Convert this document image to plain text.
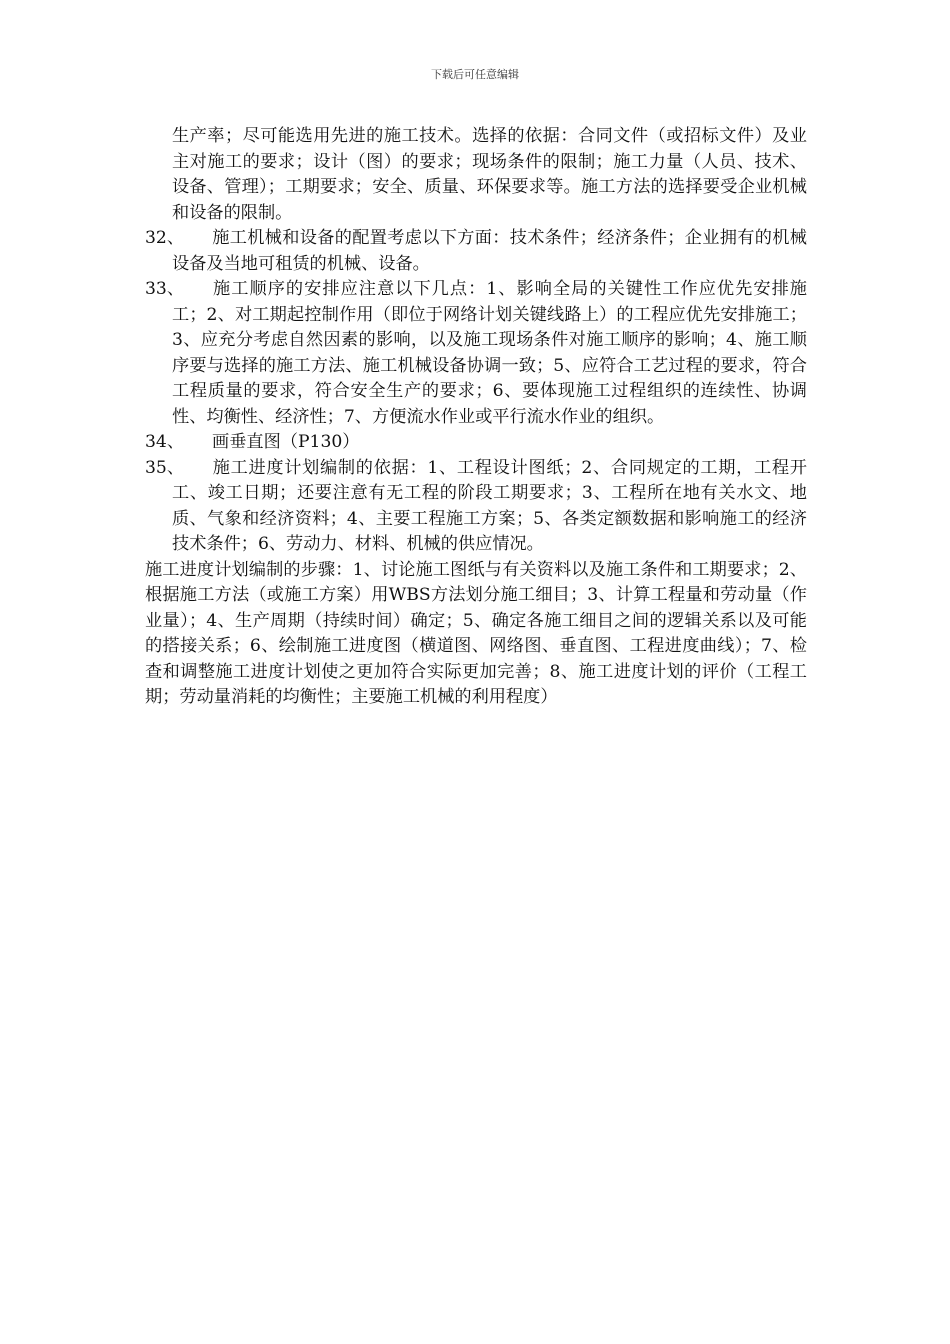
下载后可任意编辑
生产率；尽可能选用先进的施工技术。选择的依据：合同文件（或招标文件）及业主对施工的要求；设计（图）的要求；现场条件的限制；施工力量（人员、技术、设备、管理）；工期要求；安全、质量、环保要求等。施工方法的选择要受企业机械和设备的限制。
32、	施工机械和设备的配置考虑以下方面：技术条件；经济条件；企业拥有的机械设备及当地可租赁的机械、设备。
33、	施工顺序的安排应注意以下几点：1、影响全局的关键性工作应优先安排施工；2、对工期起控制作用（即位于网络计划关键线路上）的工程应优先安排施工；3、应充分考虑自然因素的影响，以及施工现场条件对施工顺序的影响；4、施工顺序要与选择的施工方法、施工机械设备协调一致；5、应符合工艺过程的要求，符合工程质量的要求，符合安全生产的要求；6、要体现施工过程组织的连续性、协调性、均衡性、经济性；7、方便流水作业或平行流水作业的组织。
34、	画垂直图（P130）
35、	施工进度计划编制的依据：1、工程设计图纸；2、合同规定的工期，工程开工、竣工日期；还要注意有无工程的阶段工期要求；3、工程所在地有关水文、地质、气象和经济资料；4、主要工程施工方案；5、各类定额数据和影响施工的经济技术条件；6、劳动力、材料、机械的供应情况。
施工进度计划编制的步骤：1、讨论施工图纸与有关资料以及施工条件和工期要求；2、根据施工方法（或施工方案）用WBS方法划分施工细目；3、计算工程量和劳动量（作业量）；4、生产周期（持续时间）确定；5、确定各施工细目之间的逻辑关系以及可能的搭接关系；6、绘制施工进度图（横道图、网络图、垂直图、工程进度曲线）；7、检查和调整施工进度计划使之更加符合实际更加完善；8、施工进度计划的评价（工程工期；劳动量消耗的均衡性；主要施工机械的利用程度）
